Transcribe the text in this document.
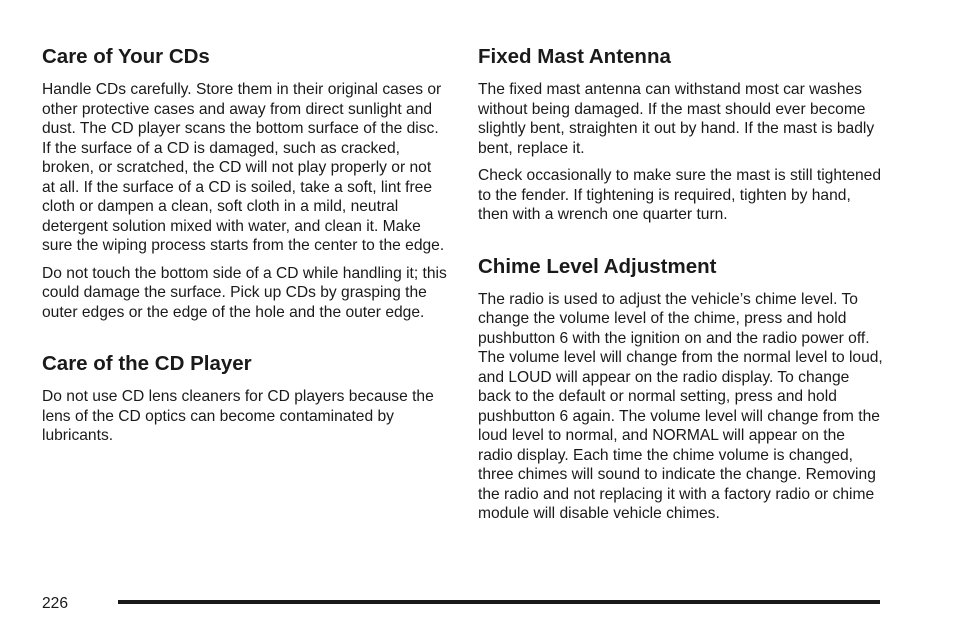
Care of Your CDs

Handle CDs carefully. Store them in their original cases or other protective cases and away from direct sunlight and dust. The CD player scans the bottom surface of the disc. If the surface of a CD is damaged, such as cracked, broken, or scratched, the CD will not play properly or not at all. If the surface of a CD is soiled, take a soft, lint free cloth or dampen a clean, soft cloth in a mild, neutral detergent solution mixed with water, and clean it. Make sure the wiping process starts from the center to the edge.

Do not touch the bottom side of a CD while handling it; this could damage the surface. Pick up CDs by grasping the outer edges or the edge of the hole and the outer edge.

Care of the CD Player

Do not use CD lens cleaners for CD players because the lens of the CD optics can become contaminated by lubricants.

Fixed Mast Antenna

The fixed mast antenna can withstand most car washes without being damaged. If the mast should ever become slightly bent, straighten it out by hand. If the mast is badly bent, replace it.

Check occasionally to make sure the mast is still tightened to the fender. If tightening is required, tighten by hand, then with a wrench one quarter turn.

Chime Level Adjustment

The radio is used to adjust the vehicle’s chime level. To change the volume level of the chime, press and hold pushbutton 6 with the ignition on and the radio power off. The volume level will change from the normal level to loud, and LOUD will appear on the radio display. To change back to the default or normal setting, press and hold pushbutton 6 again. The volume level will change from the loud level to normal, and NORMAL will appear on the radio display. Each time the chime volume is changed, three chimes will sound to indicate the change. Removing the radio and not replacing it with a factory radio or chime module will disable vehicle chimes.

226
